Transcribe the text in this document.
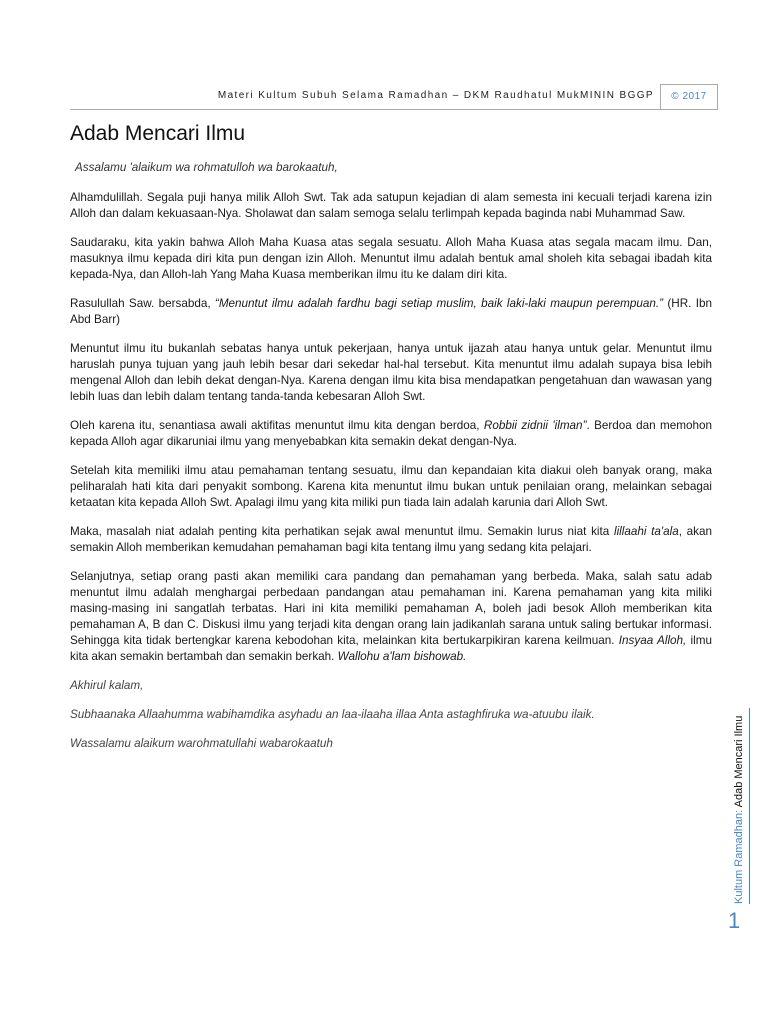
Materi Kultum Subuh Selama Ramadhan – DKM Raudhatul MukMININ BGGP	© 2017
Adab Mencari Ilmu

Assalamu 'alaikum wa rohmatulloh wa barokaatuh,

Alhamdulillah. Segala puji hanya milik Alloh Swt. Tak ada satupun kejadian di alam semesta ini kecuali terjadi karena izin Alloh dan dalam kekuasaan-Nya. Sholawat dan salam semoga selalu terlimpah kepada baginda nabi Muhammad Saw.

Saudaraku, kita yakin bahwa Alloh Maha Kuasa atas segala sesuatu. Alloh Maha Kuasa atas segala macam ilmu. Dan, masuknya ilmu kepada diri kita pun dengan izin Alloh. Menuntut ilmu adalah bentuk amal sholeh kita sebagai ibadah kita kepada-Nya, dan Alloh-lah Yang Maha Kuasa memberikan ilmu itu ke dalam diri kita.

Rasulullah Saw. bersabda, “Menuntut ilmu adalah fardhu bagi setiap muslim, baik laki-laki maupun perempuan.” (HR. Ibn Abd Barr)

Menuntut ilmu itu bukanlah sebatas hanya untuk pekerjaan, hanya untuk ijazah atau hanya untuk gelar. Menuntut ilmu haruslah punya tujuan yang jauh lebih besar dari sekedar hal-hal tersebut. Kita menuntut ilmu adalah supaya bisa lebih mengenal Alloh dan lebih dekat dengan-Nya. Karena dengan ilmu kita bisa mendapatkan pengetahuan dan wawasan yang lebih luas dan lebih dalam tentang tanda-tanda kebesaran Alloh Swt.

Oleh karena itu, senantiasa awali aktifitas menuntut ilmu kita dengan berdoa, Robbii zidnii 'ilman”. Berdoa dan memohon kepada Alloh agar dikaruniai ilmu yang menyebabkan kita semakin dekat dengan-Nya.

Setelah kita memiliki ilmu atau pemahaman tentang sesuatu, ilmu dan kepandaian kita diakui oleh banyak orang, maka peliharalah hati kita dari penyakit sombong. Karena kita menuntut ilmu bukan untuk penilaian orang, melainkan sebagai ketaatan kita kepada Alloh Swt. Apalagi ilmu yang kita miliki pun tiada lain adalah karunia dari Alloh Swt.

Maka, masalah niat adalah penting kita perhatikan sejak awal menuntut ilmu. Semakin lurus niat kita lillaahi ta'ala, akan semakin Alloh memberikan kemudahan pemahaman bagi kita tentang ilmu yang sedang kita pelajari.

Selanjutnya, setiap orang pasti akan memiliki cara pandang dan pemahaman yang berbeda. Maka, salah satu adab menuntut ilmu adalah menghargai perbedaan pandangan atau pemahaman ini. Karena pemahaman yang kita miliki masing-masing ini sangatlah terbatas. Hari ini kita memiliki pemahaman A, boleh jadi besok Alloh memberikan kita pemahaman A, B dan C. Diskusi ilmu yang terjadi kita dengan orang lain jadikanlah sarana untuk saling bertukar informasi. Sehingga kita tidak bertengkar karena kebodohan kita, melainkan kita bertukarpikiran karena keilmuan. Insyaa Alloh, ilmu kita akan semakin bertambah dan semakin berkah. Wallohu a'lam bishowab.

Akhirul kalam,

Subhaanaka Allaahumma wabihamdika asyhadu an laa-ilaaha illaa Anta astaghfiruka wa-atuubu ilaik.

Wassalamu alaikum warohmatullahi wabarokaatuh

Kultum Ramadhan: Adab Mencari Ilmu
1
